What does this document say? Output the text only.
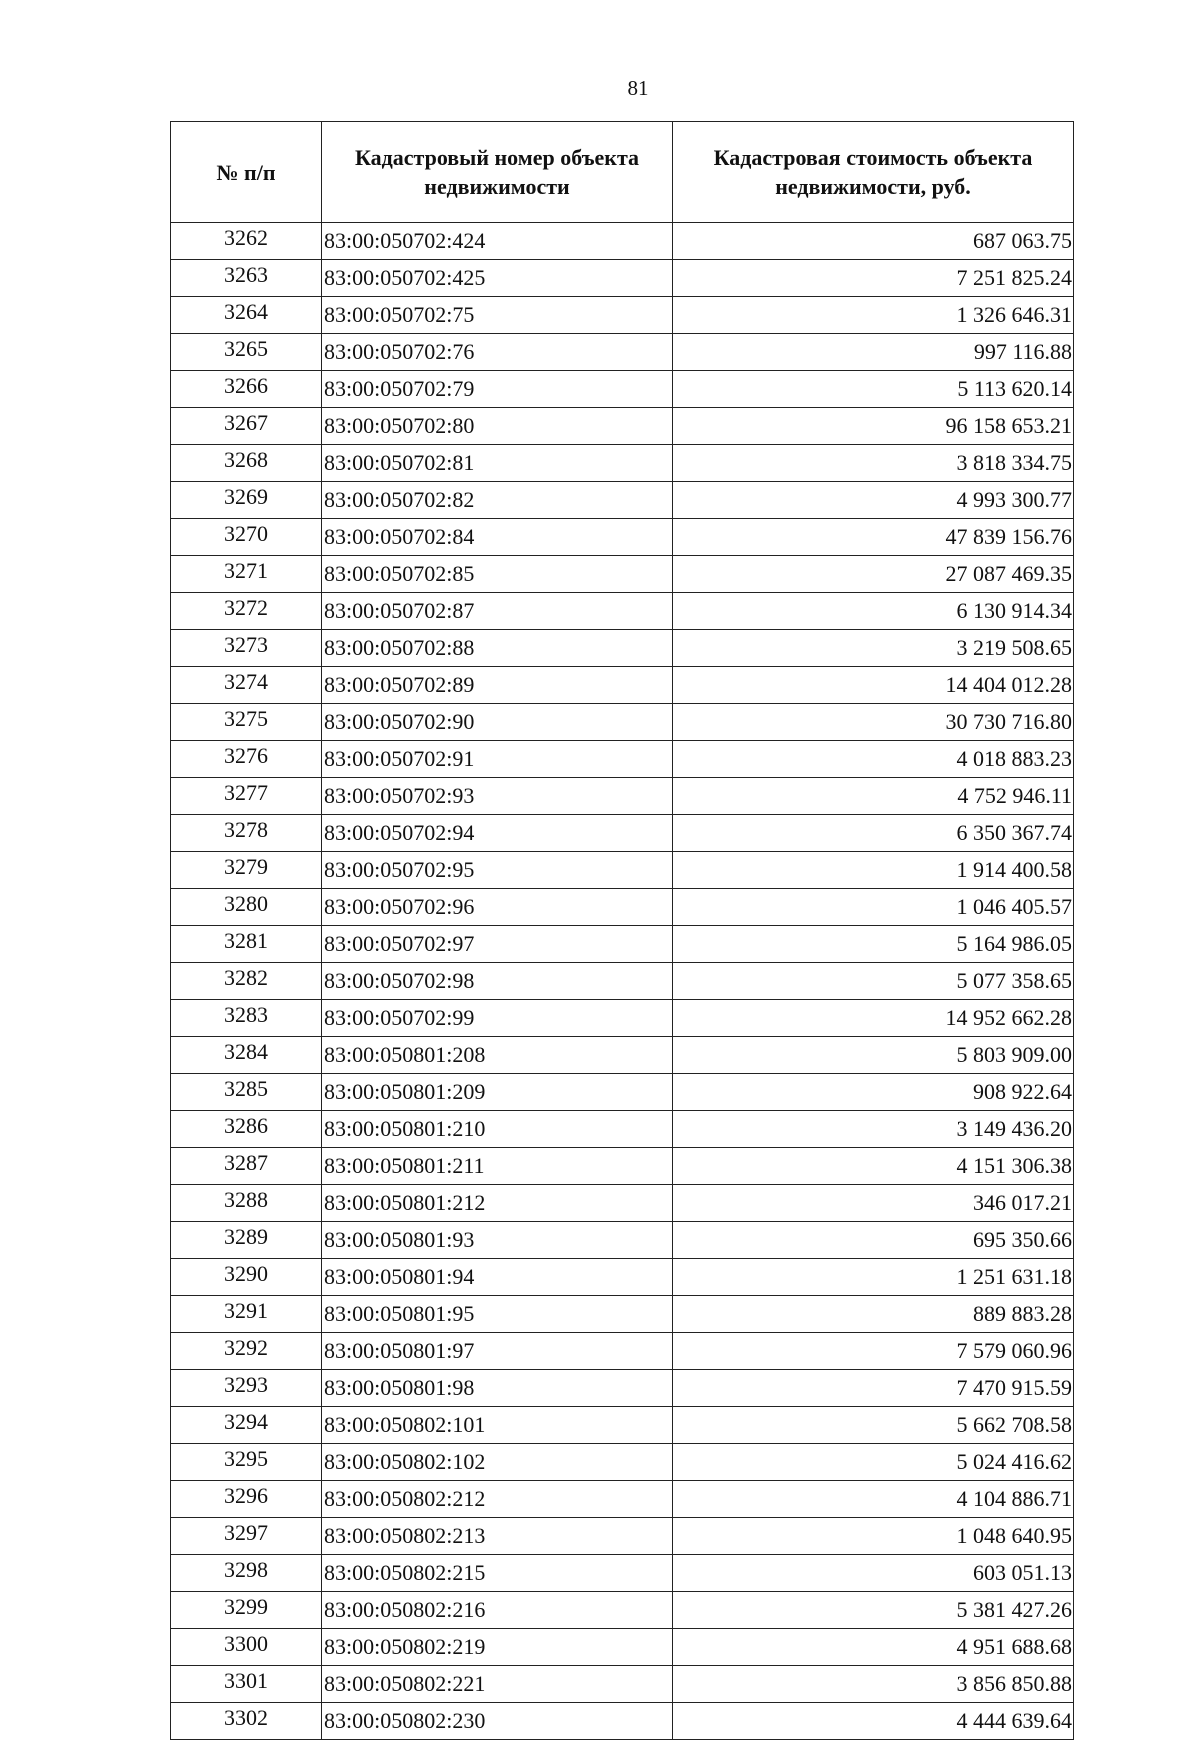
81
№ п/п	Кадастровый номер объекта недвижимости	Кадастровая стоимость объекта недвижимости, руб.
3262	83:00:050702:424	687 063.75
3263	83:00:050702:425	7 251 825.24
3264	83:00:050702:75	1 326 646.31
3265	83:00:050702:76	997 116.88
3266	83:00:050702:79	5 113 620.14
3267	83:00:050702:80	96 158 653.21
3268	83:00:050702:81	3 818 334.75
3269	83:00:050702:82	4 993 300.77
3270	83:00:050702:84	47 839 156.76
3271	83:00:050702:85	27 087 469.35
3272	83:00:050702:87	6 130 914.34
3273	83:00:050702:88	3 219 508.65
3274	83:00:050702:89	14 404 012.28
3275	83:00:050702:90	30 730 716.80
3276	83:00:050702:91	4 018 883.23
3277	83:00:050702:93	4 752 946.11
3278	83:00:050702:94	6 350 367.74
3279	83:00:050702:95	1 914 400.58
3280	83:00:050702:96	1 046 405.57
3281	83:00:050702:97	5 164 986.05
3282	83:00:050702:98	5 077 358.65
3283	83:00:050702:99	14 952 662.28
3284	83:00:050801:208	5 803 909.00
3285	83:00:050801:209	908 922.64
3286	83:00:050801:210	3 149 436.20
3287	83:00:050801:211	4 151 306.38
3288	83:00:050801:212	346 017.21
3289	83:00:050801:93	695 350.66
3290	83:00:050801:94	1 251 631.18
3291	83:00:050801:95	889 883.28
3292	83:00:050801:97	7 579 060.96
3293	83:00:050801:98	7 470 915.59
3294	83:00:050802:101	5 662 708.58
3295	83:00:050802:102	5 024 416.62
3296	83:00:050802:212	4 104 886.71
3297	83:00:050802:213	1 048 640.95
3298	83:00:050802:215	603 051.13
3299	83:00:050802:216	5 381 427.26
3300	83:00:050802:219	4 951 688.68
3301	83:00:050802:221	3 856 850.88
3302	83:00:050802:230	4 444 639.64
